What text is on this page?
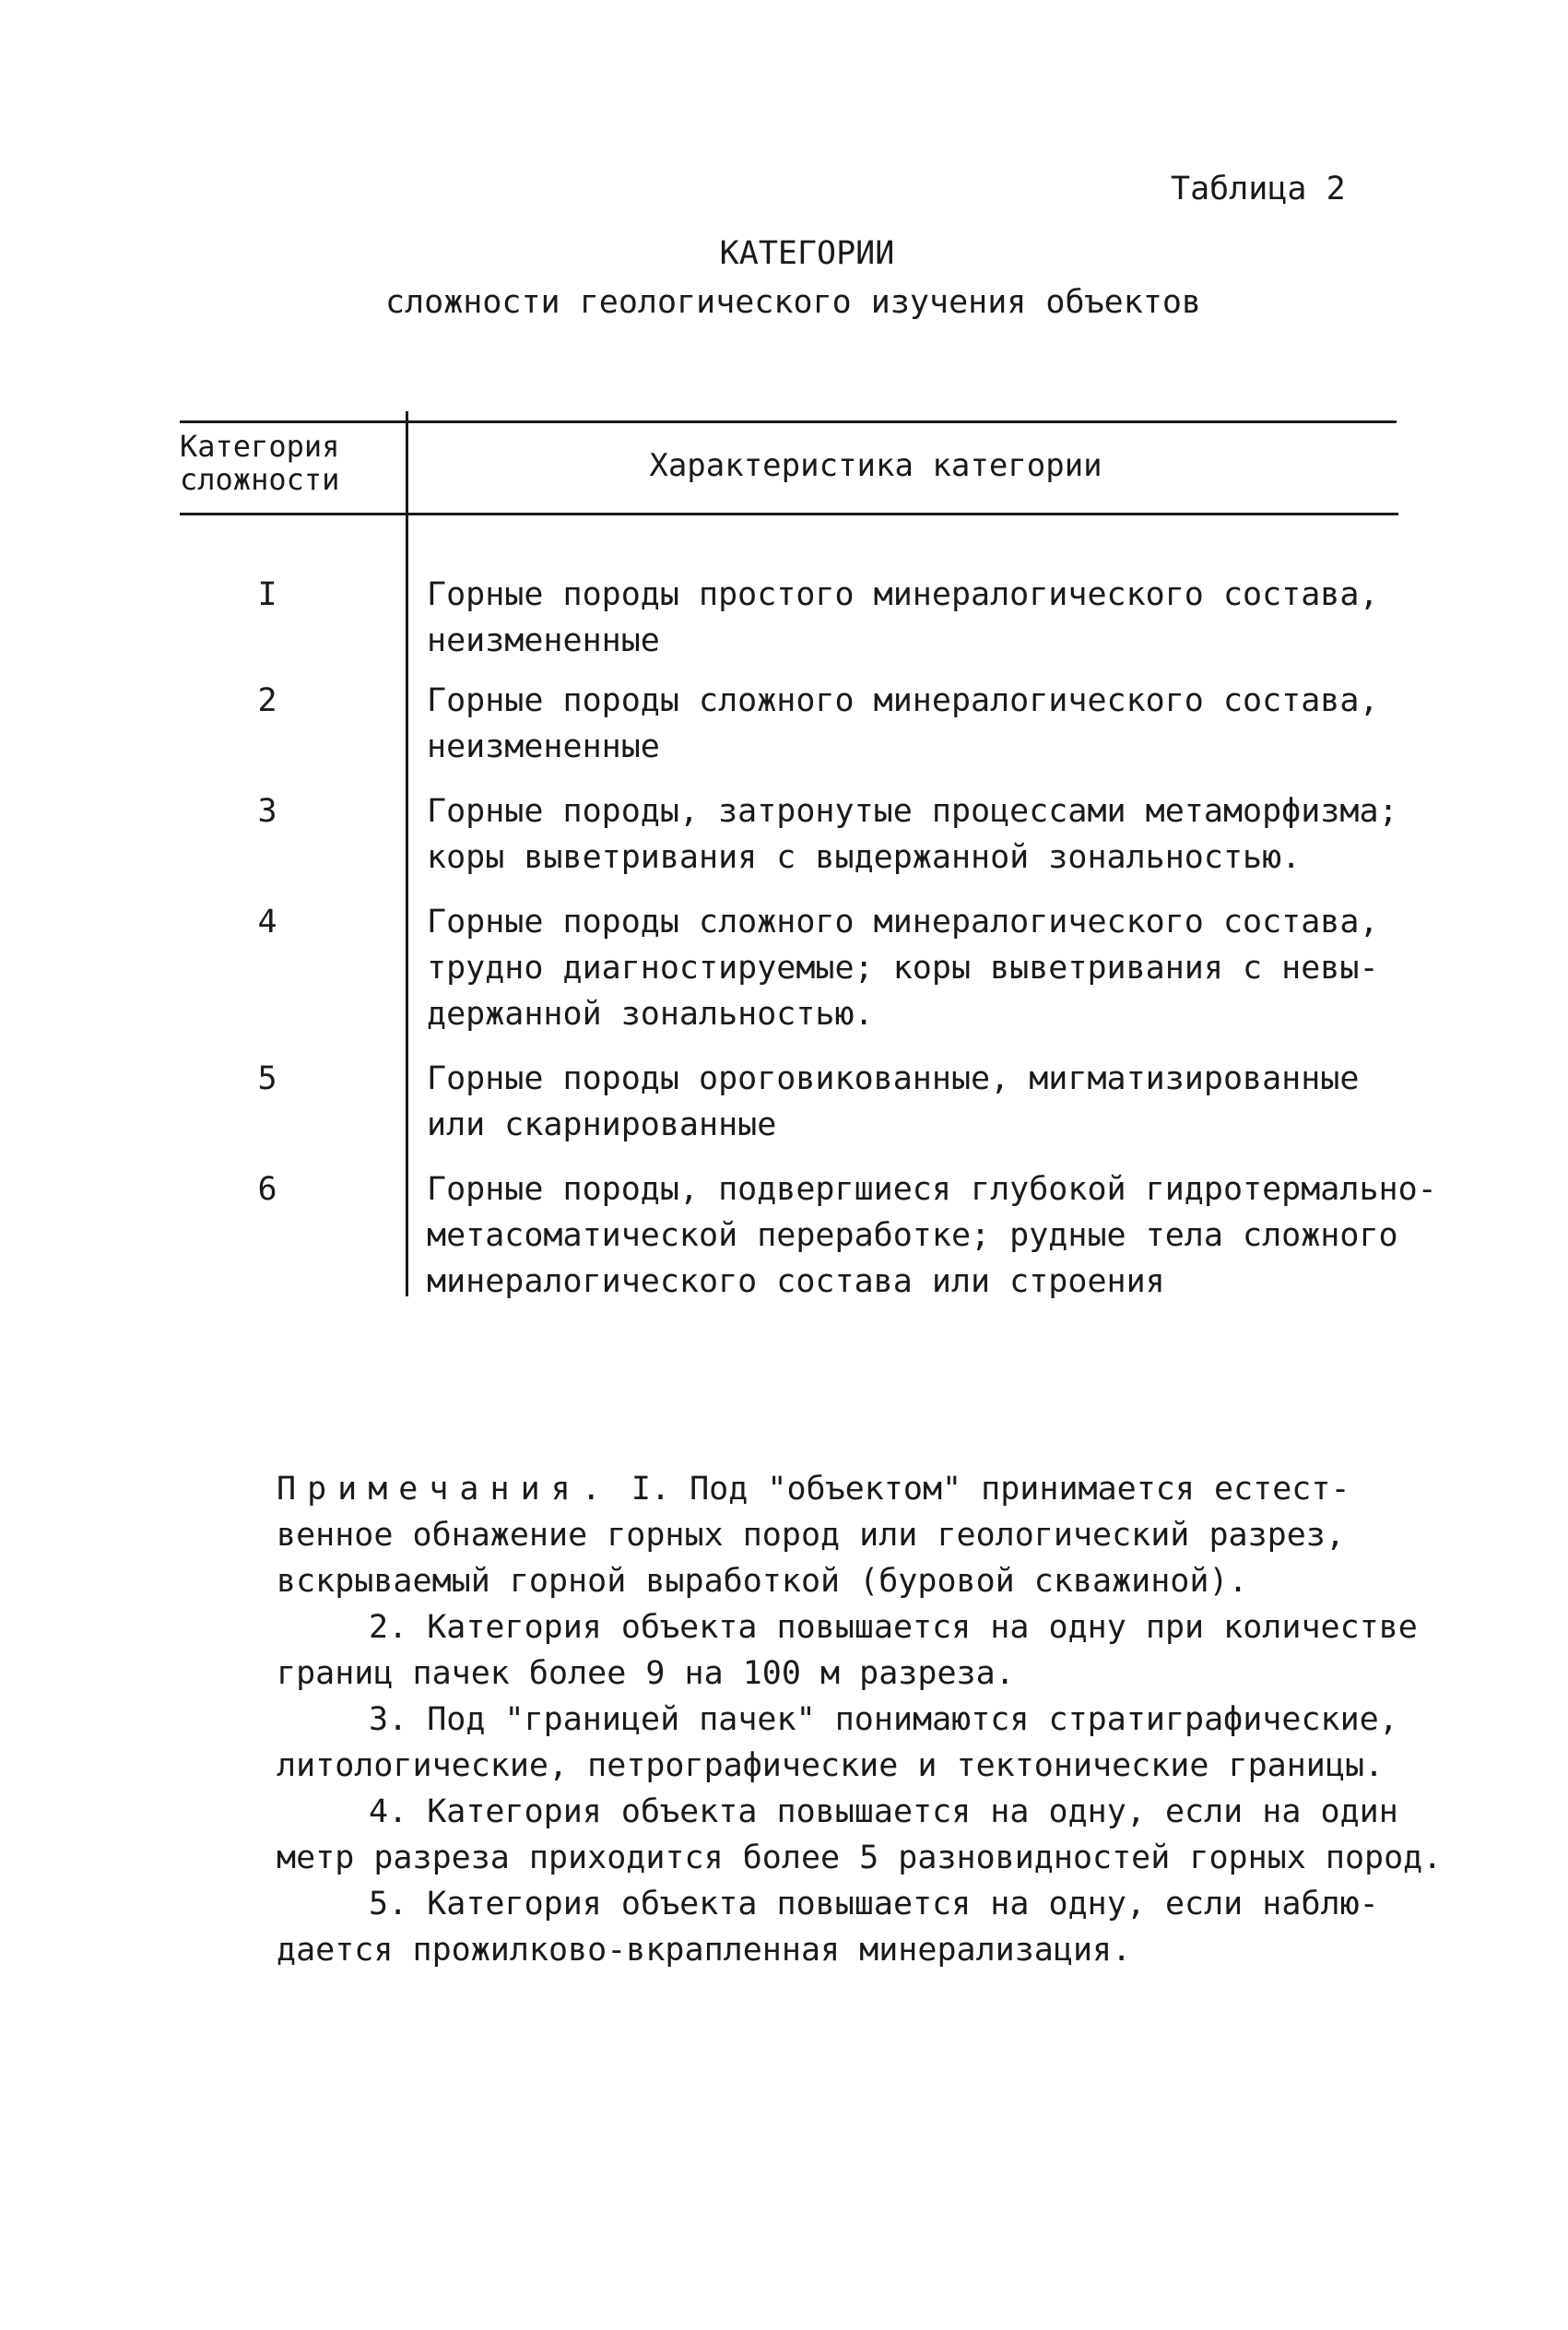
Таблица 2
КАТЕГОРИИ
сложности геологического изучения объектов
Категория
сложности	Характеристика категории
I	Горные породы простого минералогического состава,
неизмененные
2	Горные породы сложного минералогического состава,
неизмененные
3	Горные породы, затронутые процессами метаморфизма;
коры выветривания с выдержанной зональностью.
4	Горные породы сложного минералогического состава,
трудно диагностируемые; коры выветривания с невы-
держанной зональностью.
5	Горные породы ороговикованные, мигматизированные
или скарнированные
6	Горные породы, подвергшиеся глубокой гидротермально-
метасоматической переработке; рудные тела сложного
минералогического состава или строения
Примечания. I. Под "объектом" принимается естест-
венное обнажение горных пород или геологический разрез,
вскрываемый горной выработкой (буровой скважиной).
2. Категория объекта повышается на одну при количестве
границ пачек более 9 на 100 м разреза.
3. Под "границей пачек" понимаются стратиграфические,
литологические, петрографические и тектонические границы.
4. Категория объекта повышается на одну, если на один
метр разреза приходится более 5 разновидностей горных пород.
5. Категория объекта повышается на одну, если наблю-
дается прожилково-вкрапленная минерализация.
